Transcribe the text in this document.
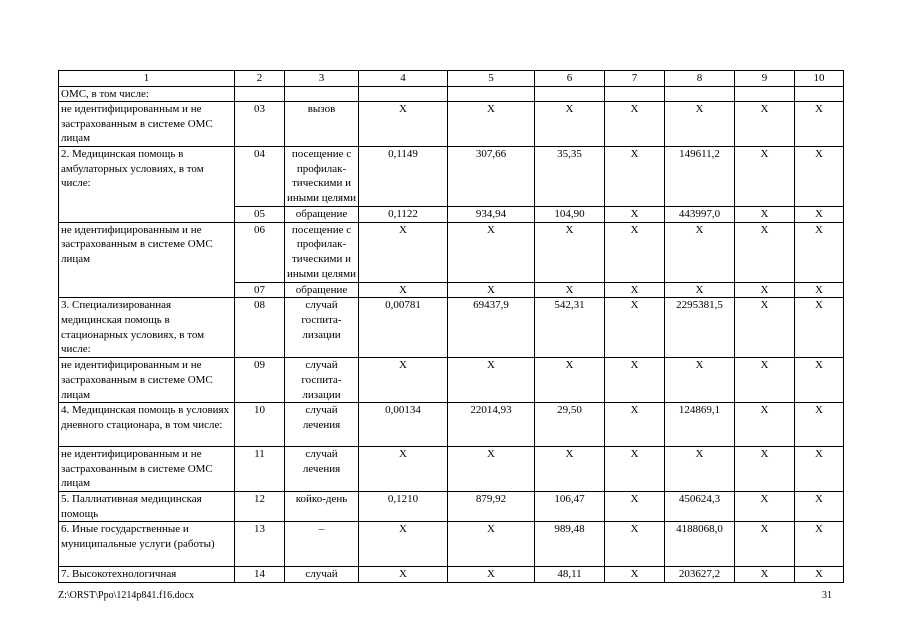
1	2	3	4	5	6	7	8	9	10
ОМС, в том числе:									
не идентифицированным и не застрахованным в системе ОМС лицам	03	вызов	X	X	X	X	X	X	X
2. Медицинская помощь в амбулаторных условиях, в том числе:	04	посещение с профилак-тическими и иными целями	0,1149	307,66	35,35	X	149611,2	X	X
	05	обращение	0,1122	934,94	104,90	X	443997,0	X	X
не идентифицированным и не застрахованным в системе ОМС лицам	06	посещение с профилак-тическими и иными целями	X	X	X	X	X	X	X
	07	обращение	X	X	X	X	X	X	X
3. Специализированная медицинская помощь в стационарных условиях, в том числе:	08	случай госпита-лизации	0,00781	69437,9	542,31	X	2295381,5	X	X
не идентифицированным и не застрахованным в системе ОМС лицам	09	случай госпита-лизации	X	X	X	X	X	X	X
4. Медицинская помощь в условиях дневного стационара, в том числе:	10	случай лечения	0,00134	22014,93	29,50	X	124869,1	X	X
не идентифицированным и не застрахованным в системе ОМС лицам	11	случай лечения	X	X	X	X	X	X	X
5. Паллиативная медицинская помощь	12	койко-день	0,1210	879,92	106,47	X	450624,3	X	X
6. Иные государственные и муниципальные услуги (работы)	13	–	X	X	989,48	X	4188068,0	X	X
7. Высокотехнологичная	14	случай	X	X	48,11	X	203627,2	X	X
Z:\ORST\Ppo\1214p841.f16.docx	31
